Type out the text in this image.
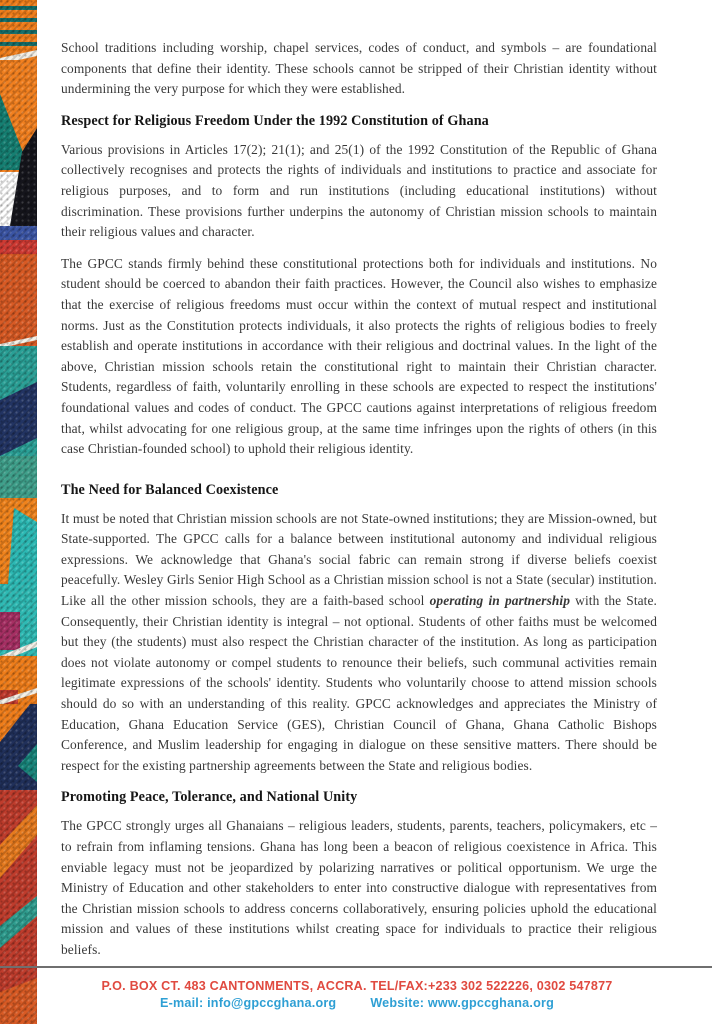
School traditions including worship, chapel services, codes of conduct, and symbols – are foundational components that define their identity. These schools cannot be stripped of their Christian identity without undermining the very purpose for which they were established.

Respect for Religious Freedom Under the 1992 Constitution of Ghana

Various provisions in Articles 17(2); 21(1); and 25(1) of the 1992 Constitution of the Republic of Ghana collectively recognises and protects the rights of individuals and institutions to practice and associate for religious purposes, and to form and run institutions (including educational institutions) without discrimination. These provisions further underpins the autonomy of Christian mission schools to maintain their religious values and character.

The GPCC stands firmly behind these constitutional protections both for individuals and institutions. No student should be coerced to abandon their faith practices. However, the Council also wishes to emphasize that the exercise of religious freedoms must occur within the context of mutual respect and institutional norms. Just as the Constitution protects individuals, it also protects the rights of religious bodies to freely establish and operate institutions in accordance with their religious and doctrinal values. In the light of the above, Christian mission schools retain the constitutional right to maintain their Christian character. Students, regardless of faith, voluntarily enrolling in these schools are expected to respect the institutions' foundational values and codes of conduct. The GPCC cautions against interpretations of religious freedom that, whilst advocating for one religious group, at the same time infringes upon the rights of others (in this case Christian-founded school) to uphold their religious identity.

The Need for Balanced Coexistence

It must be noted that Christian mission schools are not State-owned institutions; they are Mission-owned, but State-supported. The GPCC calls for a balance between institutional autonomy and individual religious expressions. We acknowledge that Ghana's social fabric can remain strong if diverse beliefs coexist peacefully. Wesley Girls Senior High School as a Christian mission school is not a State (secular) institution. Like all the other mission schools, they are a faith-based school operating in partnership with the State. Consequently, their Christian identity is integral – not optional. Students of other faiths must be welcomed but they (the students) must also respect the Christian character of the institution. As long as participation does not violate autonomy or compel students to renounce their beliefs, such communal activities remain legitimate expressions of the schools' identity. Students who voluntarily choose to attend mission schools should do so with an understanding of this reality. GPCC acknowledges and appreciates the Ministry of Education, Ghana Education Service (GES), Christian Council of Ghana, Ghana Catholic Bishops Conference, and Muslim leadership for engaging in dialogue on these sensitive matters. There should be respect for the existing partnership agreements between the State and religious bodies.

Promoting Peace, Tolerance, and National Unity

The GPCC strongly urges all Ghanaians – religious leaders, students, parents, teachers, policymakers, etc – to refrain from inflaming tensions. Ghana has long been a beacon of religious coexistence in Africa. This enviable legacy must not be jeopardized by polarizing narratives or political opportunism. We urge the Ministry of Education and other stakeholders to enter into constructive dialogue with representatives from the Christian mission schools to address concerns collaboratively, ensuring policies uphold the educational mission and values of these institutions whilst creating space for individuals to practice their religious beliefs.

P.O. BOX CT. 483 CANTONMENTS, ACCRA. TEL/FAX:+233 302 522226, 0302 547877
E-mail: info@gpccghana.org	Website: www.gpccghana.org
